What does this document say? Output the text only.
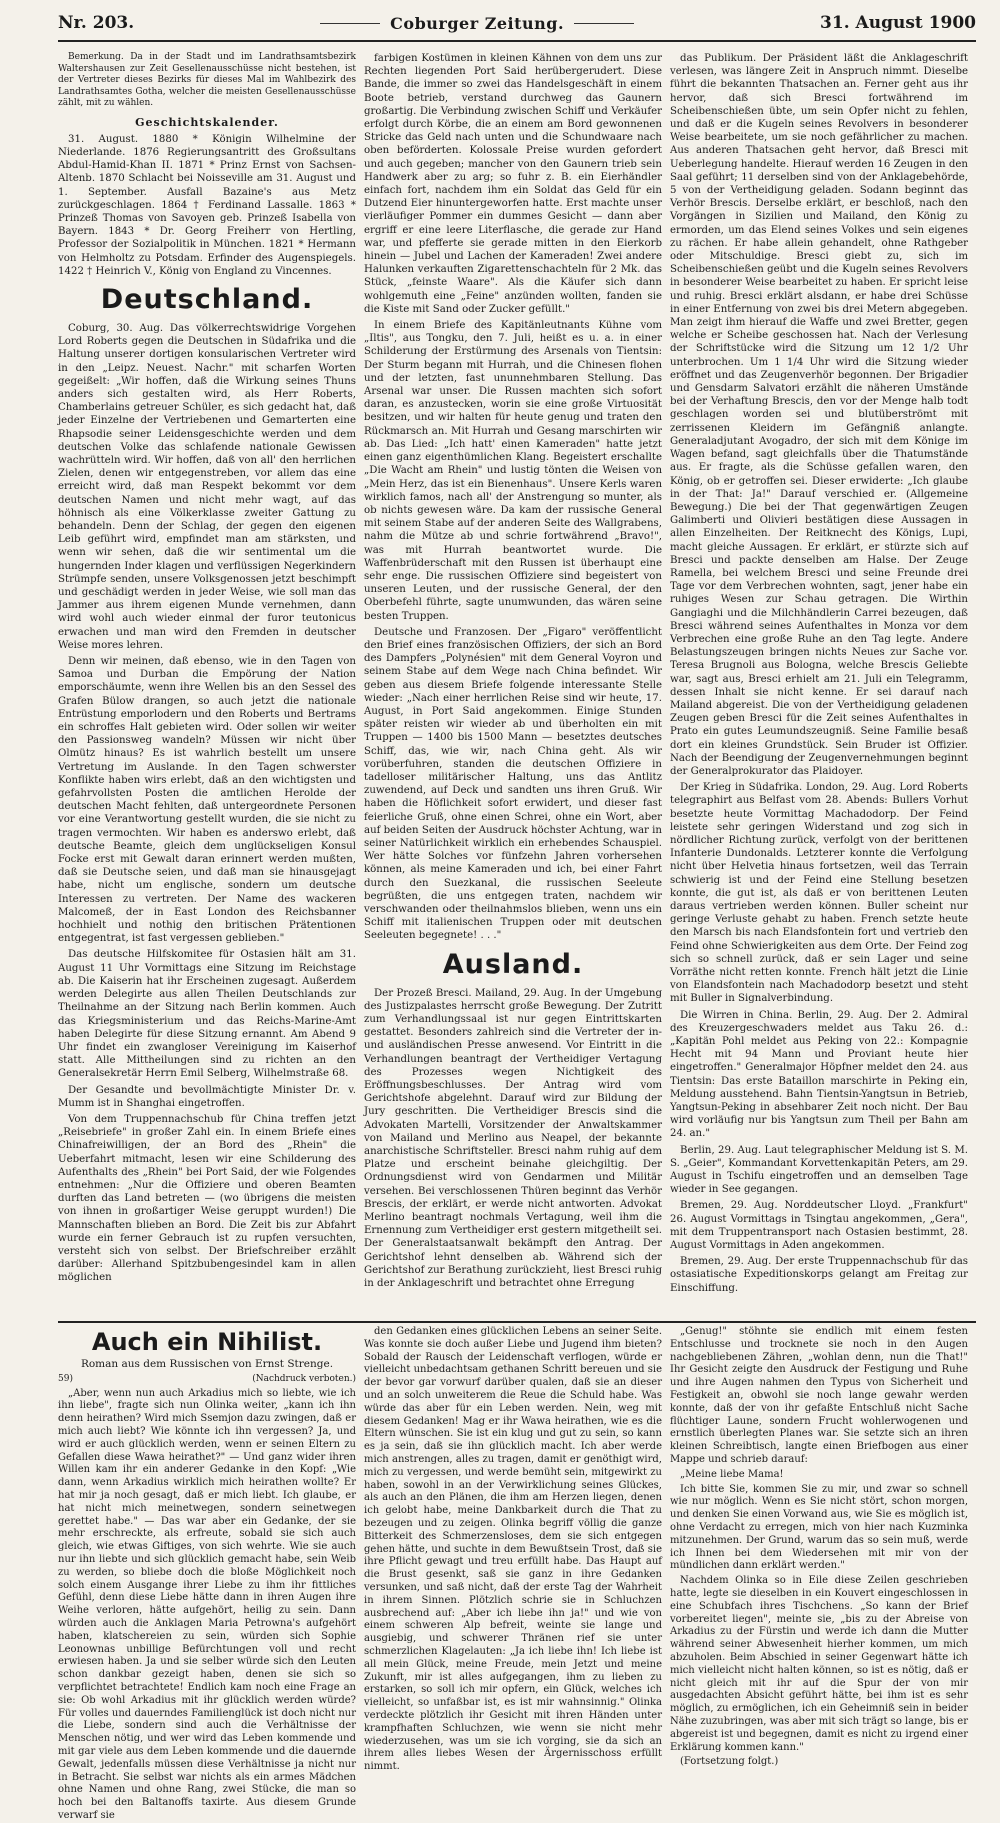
Nr. 203.	Coburger Zeitung.	31. August 1900

Bemerkung. Da in der Stadt und im Landrathsamtsbezirk Waltershausen zur Zeit Gesellenausschüsse nicht bestehen, ist der Vertreter dieses Bezirks für dieses Mal im Wahlbezirk des Landrathsamtes Gotha, welcher die meisten Gesellenausschüsse zählt, mit zu wählen.

Geschichtskalender.

31. August. 1880 * Königin Wilhelmine der Niederlande. 1876 Regierungsantritt des Großsultans Abdul-Hamid-Khan II. 1871 * Prinz Ernst von Sachsen-Altenb. 1870 Schlacht bei Noisseville am 31. August und 1. September. Ausfall Bazaine's aus Metz zurückgeschlagen. 1864 † Ferdinand Lassalle. 1863 * Prinzeß Thomas von Savoyen geb. Prinzeß Isabella von Bayern. 1843 * Dr. Georg Freiherr von Hertling, Professor der Sozialpolitik in München. 1821 * Hermann von Helmholtz zu Potsdam. Erfinder des Augenspiegels. 1422 † Heinrich V., König von England zu Vincennes.

Deutschland.

Coburg, 30. Aug. Das völkerrechtswidrige Vorgehen Lord Roberts gegen die Deutschen in Südafrika und die Haltung unserer dortigen konsularischen Vertreter wird in den „Leipz. Neuest. Nachr." mit scharfen Worten gegeißelt: „Wir hoffen, daß die Wirkung seines Thuns anders sich gestalten wird, als Herr Roberts, Chamberlains getreuer Schüler, es sich gedacht hat, daß jeder Einzelne der Vertriebenen und Gemarterten eine Rhapsodie seiner Leidensgeschichte werden und dem deutschen Volke das schlafende nationale Gewissen wachrütteln wird. Wir hoffen, daß von all' den herrlichen Zielen, denen wir entgegenstreben, vor allem das eine erreicht wird, daß man Respekt bekommt vor dem deutschen Namen und nicht mehr wagt, auf das höhnisch als eine Völkerklasse zweiter Gattung zu behandeln. Denn der Schlag, der gegen den eigenen Leib geführt wird, empfindet man am stärksten, und wenn wir sehen, daß die wir sentimental um die hungernden Inder klagen und verflüssigen Negerkindern Strümpfe senden, unsere Volksgenossen jetzt beschimpft und geschädigt werden in jeder Weise, wie soll man das Jammer aus ihrem eigenen Munde vernehmen, dann wird wohl auch wieder einmal der furor teutonicus erwachen und man wird den Fremden in deutscher Weise mores lehren.

Denn wir meinen, daß ebenso, wie in den Tagen von Samoa und Durban die Empörung der Nation emporschäumte, wenn ihre Wellen bis an den Sessel des Grafen Bülow drangen, so auch jetzt die nationale Entrüstung emporlodern und den Roberts und Bertrams ein schroffes Halt gebieten wird. Oder sollen wir weiter den Passionsweg wandeln? Müssen wir nicht über Olmütz hinaus? Es ist wahrlich bestellt um unsere Vertretung im Auslande. In den Tagen schwerster Konflikte haben wirs erlebt, daß an den wichtigsten und gefahrvollsten Posten die amtlichen Herolde der deutschen Macht fehlten, daß untergeordnete Personen vor eine Verantwortung gestellt wurden, die sie nicht zu tragen vermochten. Wir haben es anderswo erlebt, daß deutsche Beamte, gleich dem unglückseligen Konsul Focke erst mit Gewalt daran erinnert werden mußten, daß sie Deutsche seien, und daß man sie hinausgejagt habe, nicht um englische, sondern um deutsche Interessen zu vertreten. Der Name des wackeren Malcomeß, der in East London des Reichsbanner hochhielt und nothig den britischen Prätentionen entgegentrat, ist fast vergessen geblieben."

Das deutsche Hilfskomitee für Ostasien hält am 31. August 11 Uhr Vormittags eine Sitzung im Reichstage ab. Die Kaiserin hat ihr Erscheinen zugesagt. Außerdem werden Delegirte aus allen Theilen Deutschlands zur Theilnahme an der Sitzung nach Berlin kommen. Auch das Kriegsministerium und das Reichs-Marine-Amt haben Delegirte für diese Sitzung ernannt. Am Abend 9 Uhr findet ein zwangloser Vereinigung im Kaiserhof statt. Alle Mittheilungen sind zu richten an den Generalsekretär Herrn Emil Selberg, Wilhelmstraße 68.

Der Gesandte und bevollmächtigte Minister Dr. v. Mumm ist in Shanghai eingetroffen.

Von dem Truppennachschub für China treffen jetzt „Reisebriefe" in großer Zahl ein. In einem Briefe eines Chinafreiwilligen, der an Bord des „Rhein" die Ueberfahrt mitmacht, lesen wir eine Schilderung des Aufenthalts des „Rhein" bei Port Said, der wie Folgendes entnehmen: „Nur die Offiziere und oberen Beamten durften das Land betreten — (wo übrigens die meisten von ihnen in großartiger Weise geruppt wurden!) Die Mannschaften blieben an Bord. Die Zeit bis zur Abfahrt wurde ein ferner Gebrauch ist zu rupfen versuchten, versteht sich von selbst. Der Briefschreiber erzählt darüber: Allerhand Spitzbubengesindel kam in allen möglichen

farbigen Kostümen in kleinen Kähnen von dem uns zur Rechten liegenden Port Said herübergerudert. Diese Bande, die immer so zwei das Handelsgeschäft in einem Boote betrieb, verstand durchweg das Gaunern großartig. Die Verbindung zwischen Schiff und Verkäufer erfolgt durch Körbe, die an einem am Bord gewonnenen Stricke das Geld nach unten und die Schundwaare nach oben beförderten. Kolossale Preise wurden gefordert und auch gegeben; mancher von den Gaunern trieb sein Handwerk aber zu arg; so fuhr z. B. ein Eierhändler einfach fort, nachdem ihm ein Soldat das Geld für ein Dutzend Eier hinuntergeworfen hatte. Erst machte unser vierläufiger Pommer ein dummes Gesicht — dann aber ergriff er eine leere Literflasche, die gerade zur Hand war, und pfefferte sie gerade mitten in den Eierkorb hinein — Jubel und Lachen der Kameraden! Zwei andere Halunken verkauften Zigarettenschachteln für 2 Mk. das Stück, „feinste Waare". Als die Käufer sich dann wohlgemuth eine „Feine" anzünden wollten, fanden sie die Kiste mit Sand oder Zucker gefüllt."

In einem Briefe des Kapitänleutnants Kühne vom „Iltis", aus Tongku, den 7. Juli, heißt es u. a. in einer Schilderung der Erstürmung des Arsenals von Tientsin: Der Sturm begann mit Hurrah, und die Chinesen flohen und der letzten, fast ununnehmbaren Stellung. Das Arsenal war unser. Die Russen machten sich sofort daran, es anzustecken, worin sie eine große Virtuosität besitzen, und wir halten für heute genug und traten den Rückmarsch an. Mit Hurrah und Gesang marschirten wir ab. Das Lied: „Ich hatt' einen Kameraden" hatte jetzt einen ganz eigenthümlichen Klang. Begeistert erschallte „Die Wacht am Rhein" und lustig tönten die Weisen von „Mein Herz, das ist ein Bienenhaus". Unsere Kerls waren wirklich famos, nach all' der Anstrengung so munter, als ob nichts gewesen wäre. Da kam der russische General mit seinem Stabe auf der anderen Seite des Wallgrabens, nahm die Mütze ab und schrie fortwährend „Bravo!", was mit Hurrah beantwortet wurde. Die Waffenbrüderschaft mit den Russen ist überhaupt eine sehr enge. Die russischen Offiziere sind begeistert von unseren Leuten, und der russische General, der den Oberbefehl führte, sagte unumwunden, das wären seine besten Truppen.

Deutsche und Franzosen. Der „Figaro" veröffentlicht den Brief eines französischen Offiziers, der sich an Bord des Dampfers „Polynésien" mit dem General Voyron und seinem Stabe auf dem Wege nach China befindet. Wir geben aus diesem Briefe folgende interessante Stelle wieder: „Nach einer herrlichen Reise sind wir heute, 17. August, in Port Said angekommen. Einige Stunden später reisten wir wieder ab und überholten ein mit Truppen — 1400 bis 1500 Mann — besetztes deutsches Schiff, das, wie wir, nach China geht. Als wir vorüberfuhren, standen die deutschen Offiziere in tadelloser militärischer Haltung, uns das Antlitz zuwendend, auf Deck und sandten uns ihren Gruß. Wir haben die Höflichkeit sofort erwidert, und dieser fast feierliche Gruß, ohne einen Schrei, ohne ein Wort, aber auf beiden Seiten der Ausdruck höchster Achtung, war in seiner Natürlichkeit wirklich ein erhebendes Schauspiel. Wer hätte Solches vor fünfzehn Jahren vorhersehen können, als meine Kameraden und ich, bei einer Fahrt durch den Suezkanal, die russischen Seeleute begrüßten, die uns entgegen traten, nachdem wir verschwanden oder theilnahmslos blieben, wenn uns ein Schiff mit italienischen Truppen oder mit deutschen Seeleuten begegnete! . . ."

Ausland.

Der Prozeß Bresci. Mailand, 29. Aug. In der Umgebung des Justizpalastes herrscht große Bewegung. Der Zutritt zum Verhandlungssaal ist nur gegen Eintrittskarten gestattet. Besonders zahlreich sind die Vertreter der in- und ausländischen Presse anwesend. Vor Eintritt in die Verhandlungen beantragt der Vertheidiger Vertagung des Prozesses wegen Nichtigkeit des Eröffnungsbeschlusses. Der Antrag wird vom Gerichtshofe abgelehnt. Darauf wird zur Bildung der Jury geschritten. Die Vertheidiger Brescis sind die Advokaten Martelli, Vorsitzender der Anwaltskammer von Mailand und Merlino aus Neapel, der bekannte anarchistische Schriftsteller. Bresci nahm ruhig auf dem Platze und erscheint beinahe gleichgiltig. Der Ordnungsdienst wird von Gendarmen und Militär versehen. Bei verschlossenen Thüren beginnt das Verhör Brescis, der erklärt, er werde nicht antworten. Advokat Merlino beantragt nochmals Vertagung, weil ihm die Ernennung zum Vertheidiger erst gestern mitgetheilt sei. Der Generalstaatsanwalt bekämpft den Antrag. Der Gerichtshof lehnt denselben ab. Während sich der Gerichtshof zur Berathung zurückzieht, liest Bresci ruhig in der Anklageschrift und betrachtet ohne Erregung

das Publikum. Der Präsident läßt die Anklageschrift verlesen, was längere Zeit in Anspruch nimmt. Dieselbe führt die bekannten Thatsachen an. Ferner geht aus ihr hervor, daß sich Bresci fortwährend im Scheibenschießen übte, um sein Opfer nicht zu fehlen, und daß er die Kugeln seines Revolvers in besonderer Weise bearbeitete, um sie noch gefährlicher zu machen. Aus anderen Thatsachen geht hervor, daß Bresci mit Ueberlegung handelte. Hierauf werden 16 Zeugen in den Saal geführt; 11 derselben sind von der Anklagebehörde, 5 von der Vertheidigung geladen. Sodann beginnt das Verhör Brescis. Derselbe erklärt, er beschloß, nach den Vorgängen in Sizilien und Mailand, den König zu ermorden, um das Elend seines Volkes und sein eigenes zu rächen. Er habe allein gehandelt, ohne Rathgeber oder Mitschuldige. Bresci giebt zu, sich im Scheibenschießen geübt und die Kugeln seines Revolvers in besonderer Weise bearbeitet zu haben. Er spricht leise und ruhig. Bresci erklärt alsdann, er habe drei Schüsse in einer Entfernung von zwei bis drei Metern abgegeben. Man zeigt ihm hierauf die Waffe und zwei Bretter, gegen welche er Scheibe geschossen hat. Nach der Verlesung der Schriftstücke wird die Sitzung um 12 1/2 Uhr unterbrochen. Um 1 1/4 Uhr wird die Sitzung wieder eröffnet und das Zeugenverhör begonnen. Der Brigadier und Gensdarm Salvatori erzählt die näheren Umstände bei der Verhaftung Brescis, den vor der Menge halb todt geschlagen worden sei und blutüberströmt mit zerrissenen Kleidern im Gefängniß anlangte. Generaladjutant Avogadro, der sich mit dem Könige im Wagen befand, sagt gleichfalls über die Thatumstände aus. Er fragte, als die Schüsse gefallen waren, den König, ob er getroffen sei. Dieser erwiderte: „Ich glaube in der That: Ja!" Darauf verschied er. (Allgemeine Bewegung.) Die bei der That gegenwärtigen Zeugen Galimberti und Olivieri bestätigen diese Aussagen in allen Einzelheiten. Der Reitknecht des Königs, Lupi, macht gleiche Aussagen. Er erklärt, er stürzte sich auf Bresci und packte denselben am Halse. Der Zeuge Ramella, bei welchem Bresci und seine Freunde drei Tage vor dem Verbrechen wohnten, sagt, jener habe ein ruhiges Wesen zur Schau getragen. Die Wirthin Gangiaghi und die Milchhändlerin Carrei bezeugen, daß Bresci während seines Aufenthaltes in Monza vor dem Verbrechen eine große Ruhe an den Tag legte. Andere Belastungszeugen bringen nichts Neues zur Sache vor. Teresa Brugnoli aus Bologna, welche Brescis Geliebte war, sagt aus, Bresci erhielt am 21. Juli ein Telegramm, dessen Inhalt sie nicht kenne. Er sei darauf nach Mailand abgereist. Die von der Vertheidigung geladenen Zeugen geben Bresci für die Zeit seines Aufenthaltes in Prato ein gutes Leumundszeugniß. Seine Familie besaß dort ein kleines Grundstück. Sein Bruder ist Offizier. Nach der Beendigung der Zeugenvernehmungen beginnt der Generalprokurator das Plaidoyer.

Der Krieg in Südafrika. London, 29. Aug. Lord Roberts telegraphirt aus Belfast vom 28. Abends: Bullers Vorhut besetzte heute Vormittag Machadodorp. Der Feind leistete sehr geringen Widerstand und zog sich in nördlicher Richtung zurück, verfolgt von der berittenen Infanterie Dundonalds. Letzterer konnte die Verfolgung nicht über Helvetia hinaus fortsetzen, weil das Terrain schwierig ist und der Feind eine Stellung besetzen konnte, die gut ist, als daß er von berittenen Leuten daraus vertrieben werden können. Buller scheint nur geringe Verluste gehabt zu haben. French setzte heute den Marsch bis nach Elandsfontein fort und vertrieb den Feind ohne Schwierigkeiten aus dem Orte. Der Feind zog sich so schnell zurück, daß er sein Lager und seine Vorräthe nicht retten konnte. French hält jetzt die Linie von Elandsfontein nach Machadodorp besetzt und steht mit Buller in Signalverbindung.

Die Wirren in China. Berlin, 29. Aug. Der 2. Admiral des Kreuzergeschwaders meldet aus Taku 26. d.: „Kapitän Pohl meldet aus Peking von 22.: Kompagnie Hecht mit 94 Mann und Proviant heute hier eingetroffen." Generalmajor Höpfner meldet den 24. aus Tientsin: Das erste Bataillon marschirte in Peking ein, Meldung ausstehend. Bahn Tientsin-Yangtsun in Betrieb, Yangtsun-Peking in absehbarer Zeit noch nicht. Der Bau wird vorläufig nur bis Yangtsun zum Theil per Bahn am 24. an."

Berlin, 29. Aug. Laut telegraphischer Meldung ist S. M. S. „Geier", Kommandant Korvettenkapitän Peters, am 29. August in Tschifu eingetroffen und an demselben Tage wieder in See gegangen.

Bremen, 29. Aug. Norddeutscher Lloyd. „Frankfurt" 26. August Vormittags in Tsingtau angekommen, „Gera", mit dem Truppentransport nach Ostasien bestimmt, 28. August Vormittags in Aden angekommen.

Bremen, 29. Aug. Der erste Truppennachschub für das ostasiatische Expeditionskorps gelangt am Freitag zur Einschiffung.

Auch ein Nihilist.
Roman aus dem Russischen von Ernst Strenge.
59)	(Nachdruck verboten.)

„Aber, wenn nun auch Arkadius mich so liebte, wie ich ihn liebe", fragte sich nun Olinka weiter, „kann ich ihn denn heirathen? Wird mich Ssemjon dazu zwingen, daß er mich auch liebt? Wie könnte ich ihn vergessen? Ja, und wird er auch glücklich werden, wenn er seinen Eltern zu Gefallen diese Wawa heirathet?" — Und ganz wider ihren Willen kam ihr ein anderer Gedanke in den Kopf: „Wie dann, wenn Arkadius wirklich mich heirathen wollte? Er hat mir ja noch gesagt, daß er mich liebt. Ich glaube, er hat nicht mich meinetwegen, sondern seinetwegen gerettet habe." — Das war aber ein Gedanke, der sie mehr erschreckte, als erfreute, sobald sie sich auch gleich, wie etwas Giftiges, von sich wehrte. Wie sie auch nur ihn liebte und sich glücklich gemacht habe, sein Weib zu werden, so bliebe doch die bloße Möglichkeit noch solch einem Ausgange ihrer Liebe zu ihm ihr fittliches Gefühl, denn diese Liebe hätte dann in ihren Augen ihre Weihe verloren, hätte aufgehört, heilig zu sein. Dann würden auch die Anklagen Maria Petrowna's aufgehört haben, klatschereien zu sein, würden sich Sophie Leonownas unbillige Befürchtungen voll und recht erwiesen haben. Ja und sie selber würde sich den Leuten schon dankbar gezeigt haben, denen sie sich so verpflichtet betrachtete! Endlich kam noch eine Frage an sie: Ob wohl Arkadius mit ihr glücklich werden würde? Für volles und dauerndes Familienglück ist doch nicht nur die Liebe, sondern sind auch die Verhältnisse der Menschen nötig, und wer wird das Leben kommende und mit gar viele aus dem Leben kommende und die dauernde Gewalt, jedenfalls müssen diese Verhältnisse ja nicht nur in Betracht. Sie selbst war nichts als ein armes Mädchen ohne Namen und ohne Rang, zwei Stücke, die man so hoch bei den Baltanoffs taxirte. Aus diesem Grunde verwarf sie

den Gedanken eines glücklichen Lebens an seiner Seite. Was konnte sie doch außer Liebe und Jugend ihm bieten? Sobald der Rausch der Leidenschaft verflogen, würde er vielleicht unbedachtsam gethanen Schritt bereuen und sie der bevor gar vorwurf darüber qualen, daß sie an dieser und an solch unweiterem die Reue die Schuld habe. Was würde das aber für ein Leben werden. Nein, weg mit diesem Gedanken! Mag er ihr Wawa heirathen, wie es die Eltern wünschen. Sie ist ein klug und gut zu sein, so kann es ja sein, daß sie ihn glücklich macht. Ich aber werde mich anstrengen, alles zu tragen, damit er genöthigt wird, mich zu vergessen, und werde bemüht sein, mitgewirkt zu haben, sowohl in an der Verwirklichung seines Glückes, als auch an den Plänen, die ihm am Herzen liegen, denen ich gelobt habe, meine Dankbarkeit durch die That zu bezeugen und zu zeigen. Olinka begriff völlig die ganze Bitterkeit des Schmerzensloses, dem sie sich entgegen gehen hätte, und suchte in dem Bewußtsein Trost, daß sie ihre Pflicht gewagt und treu erfüllt habe. Das Haupt auf die Brust gesenkt, saß sie ganz in ihre Gedanken versunken, und saß nicht, daß der erste Tag der Wahrheit in ihrem Sinnen. Plötzlich schrie sie in Schluchzen ausbrechend auf: „Aber ich liebe ihn ja!" und wie von einem schweren Alp befreit, weinte sie lange und ausgiebig, und schwerer Thränen rief sie unter schmerzlichen Klagelauten: „Ja ich liebe ihn! Ich liebe ist all mein Glück, meine Freude, mein Jetzt und meine Zukunft, mir ist alles aufgegangen, ihm zu lieben zu erstarken, so soll ich mir opfern, ein Glück, welches ich vielleicht, so unfaßbar ist, es ist mir wahnsinnig." Olinka verdeckte plötzlich ihr Gesicht mit ihren Händen unter krampfhaften Schluchzen, wie wenn sie nicht mehr wiederzusehen, was um sie ich vorging, sie da sich an ihrem alles liebes Wesen der Ärgernisschoss erfüllt nimmt.

„Genug!" stöhnte sie endlich mit einem festen Entschlusse und trocknete sie noch in den Augen nachgebliebenen Zähren, „wohlan denn, nun die That!" Ihr Gesicht zeigte den Ausdruck der Festigung und Ruhe und ihre Augen nahmen den Typus von Sicherheit und Festigkeit an, obwohl sie noch lange gewahr werden konnte, daß der von ihr gefaßte Entschluß nicht Sache flüchtiger Laune, sondern Frucht wohlerwogenen und ernstlich überlegten Planes war. Sie setzte sich an ihren kleinen Schreibtisch, langte einen Briefbogen aus einer Mappe und schrieb darauf:

„Meine liebe Mama!

Ich bitte Sie, kommen Sie zu mir, und zwar so schnell wie nur möglich. Wenn es Sie nicht stört, schon morgen, und denken Sie einen Vorwand aus, wie Sie es möglich ist, ohne Verdacht zu erregen, mich von hier nach Kuzminka mitzunehmen. Der Grund, warum das so sein muß, werde ich Ihnen bei dem Wiedersehen mit mir von der mündlichen dann erklärt werden."

Nachdem Olinka so in Eile diese Zeilen geschrieben hatte, legte sie dieselben in ein Kouvert eingeschlossen in eine Schubfach ihres Tischchens. „So kann der Brief vorbereitet liegen", meinte sie, „bis zu der Abreise von Arkadius zu der Fürstin und werde ich dann die Mutter während seiner Abwesenheit hierher kommen, um mich abzuholen. Beim Abschied in seiner Gegenwart hätte ich mich vielleicht nicht halten können, so ist es nötig, daß er nicht gleich mit ihr auf die Spur der von mir ausgedachten Absicht geführt hätte, bei ihm ist es sehr möglich, zu ermöglichen, ich ein Geheimniß sein in beider Nähe zuzubringen, was aber mit sich trägt so lange, bis er abgereist ist und begegnen, damit es nicht zu irgend einer Erklärung kommen kann."

(Fortsetzung folgt.)
